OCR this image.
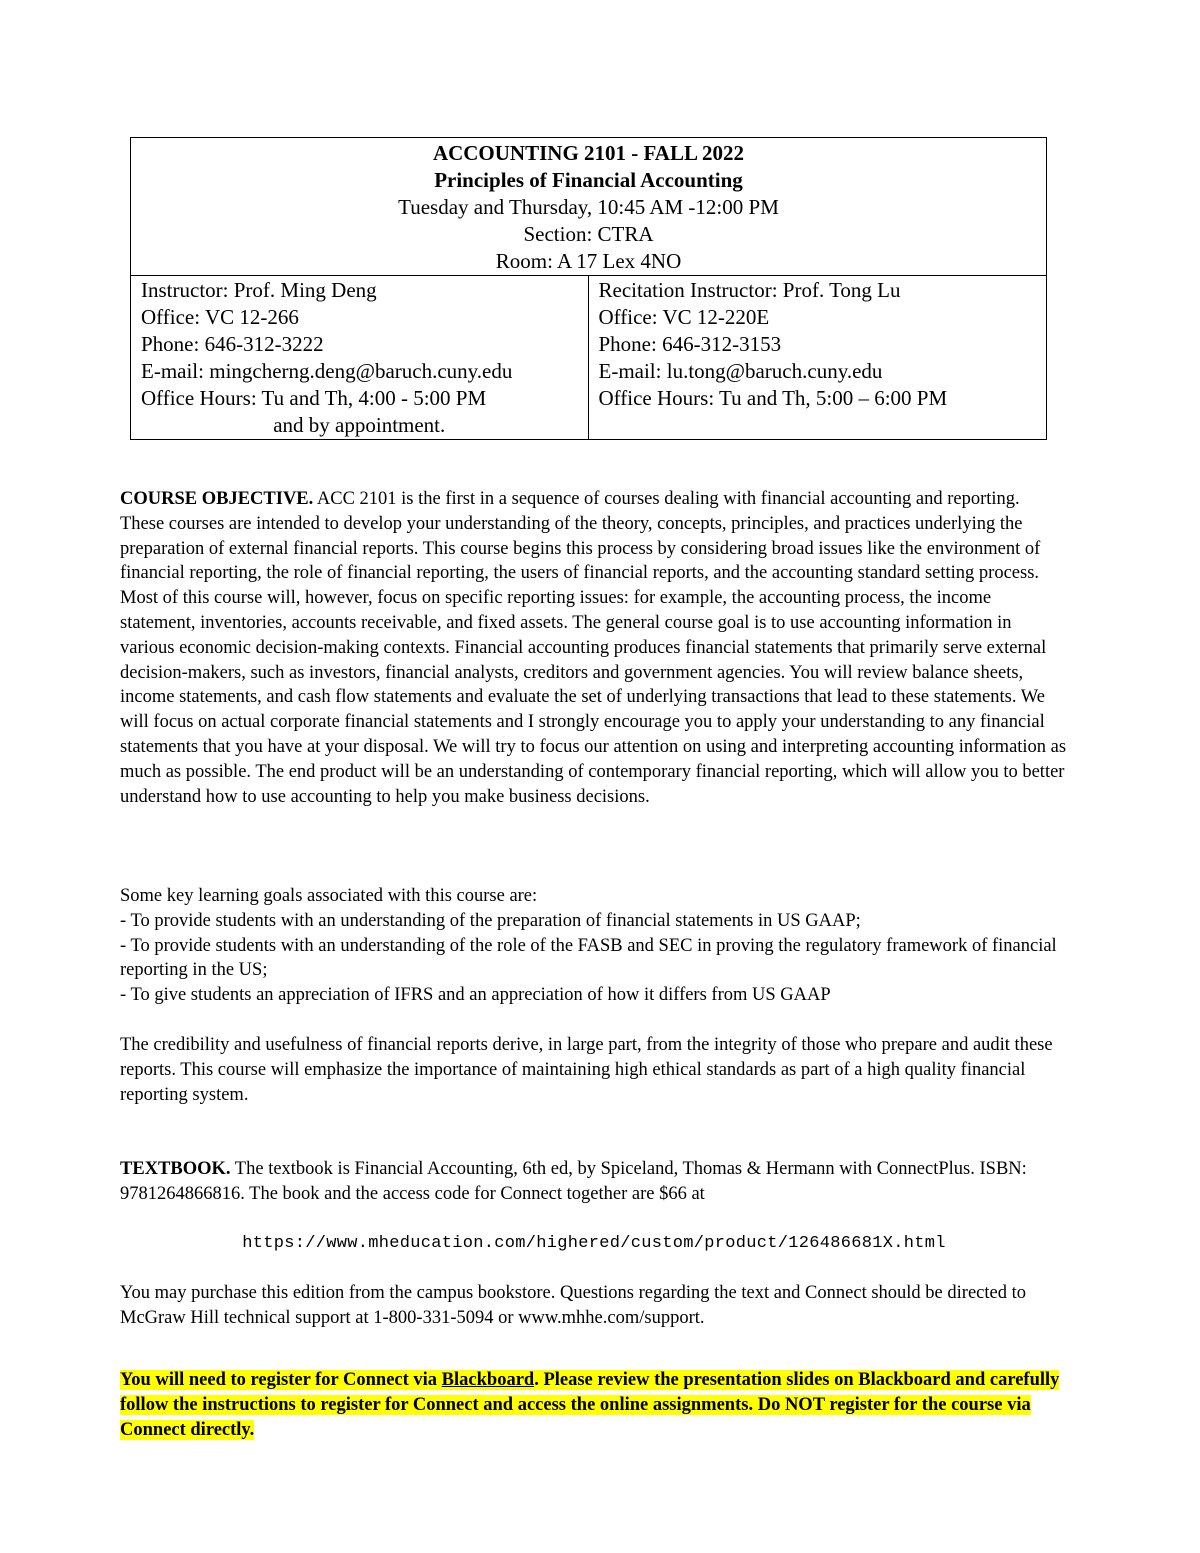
ACCOUNTING 2101 - FALL 2022
Principles of Financial Accounting
Tuesday and Thursday, 10:45 AM -12:00 PM
Section: CTRA
Room: A 17 Lex 4NO
Instructor: Prof. Ming Deng
Office: VC 12-266
Phone: 646-312-3222
E-mail: mingcherng.deng@baruch.cuny.edu
Office Hours: Tu and Th, 4:00 - 5:00 PM
and by appointment.
Recitation Instructor: Prof. Tong Lu
Office: VC 12-220E
Phone: 646-312-3153
E-mail: lu.tong@baruch.cuny.edu
Office Hours: Tu and Th, 5:00 – 6:00 PM

COURSE OBJECTIVE. ACC 2101 is the first in a sequence of courses dealing with financial accounting and reporting. These courses are intended to develop your understanding of the theory, concepts, principles, and practices underlying the preparation of external financial reports. This course begins this process by considering broad issues like the environment of financial reporting, the role of financial reporting, the users of financial reports, and the accounting standard setting process. Most of this course will, however, focus on specific reporting issues: for example, the accounting process, the income statement, inventories, accounts receivable, and fixed assets. The general course goal is to use accounting information in various economic decision-making contexts. Financial accounting produces financial statements that primarily serve external decision-makers, such as investors, financial analysts, creditors and government agencies. You will review balance sheets, income statements, and cash flow statements and evaluate the set of underlying transactions that lead to these statements. We will focus on actual corporate financial statements and I strongly encourage you to apply your understanding to any financial statements that you have at your disposal. We will try to focus our attention on using and interpreting accounting information as much as possible. The end product will be an understanding of contemporary financial reporting, which will allow you to better understand how to use accounting to help you make business decisions.

Some key learning goals associated with this course are:

- To provide students with an understanding of the preparation of financial statements in US GAAP;

- To provide students with an understanding of the role of the FASB and SEC in proving the regulatory framework of financial reporting in the US;

- To give students an appreciation of IFRS and an appreciation of how it differs from US GAAP

The credibility and usefulness of financial reports derive, in large part, from the integrity of those who prepare and audit these reports. This course will emphasize the importance of maintaining high ethical standards as part of a high quality financial reporting system.

TEXTBOOK. The textbook is Financial Accounting, 6th ed, by Spiceland, Thomas & Hermann with ConnectPlus. ISBN: 9781264866816. The book and the access code for Connect together are $66 at

https://www.mheducation.com/highered/custom/product/126486681X.html

You may purchase this edition from the campus bookstore. Questions regarding the text and Connect should be directed to McGraw Hill technical support at 1-800-331-5094 or www.mhhe.com/support.

You will need to register for Connect via Blackboard. Please review the presentation slides on Blackboard and carefully follow the instructions to register for Connect and access the online assignments. Do NOT register for the course via Connect directly.
